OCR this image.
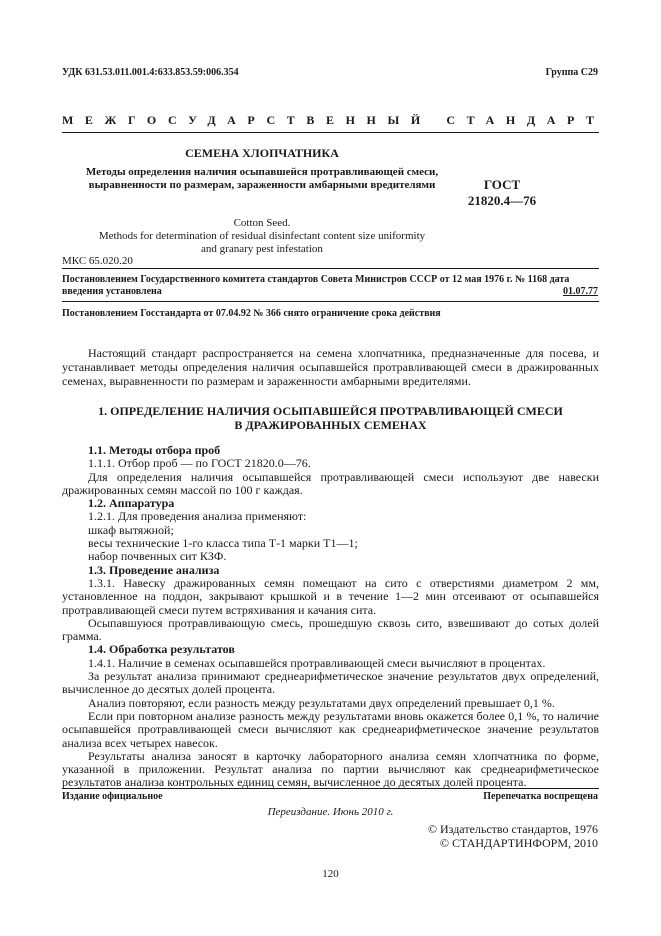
УДК 631.53.011.001.4:633.853.59:006.354	Группа С29
МЕЖГОСУДАРСТВЕННЫЙ СТАНДАРТ
СЕМЕНА ХЛОПЧАТНИКА
Методы определения наличия осыпавшейся протравливающей смеси, выравненности по размерам, зараженности амбарными вредителями
Cotton Seed.
Methods for determination of residual disinfectant content size uniformity
and granary pest infestation
МКС 65.020.20
ГОСТ
21820.4—76
Постановлением Государственного комитета стандартов Совета Министров СССР от 12 мая 1976 г. № 1168 дата
введения установлена	01.07.77
Постановлением Госстандарта от 07.04.92 № 366 снято ограничение срока действия
Настоящий стандарт распространяется на семена хлопчатника, предназначенные для посева, и устанавливает методы определения наличия осыпавшейся протравливающей смеси в дражированных семенах, выравненности по размерам и зараженности амбарными вредителями.
1. ОПРЕДЕЛЕНИЕ НАЛИЧИЯ ОСЫПАВШЕЙСЯ ПРОТРАВЛИВАЮЩЕЙ СМЕСИ
В ДРАЖИРОВАННЫХ СЕМЕНАХ
1.1. Методы отбора проб
1.1.1. Отбор проб — по ГОСТ 21820.0—76.
Для определения наличия осыпавшейся протравливающей смеси используют две навески дражированных семян массой по 100 г каждая.
1.2. Аппаратура
1.2.1. Для проведения анализа применяют:
шкаф вытяжной;
весы технические 1-го класса типа Т-1 марки Т1—1;
набор почвенных сит КЗФ.
1.3. Проведение анализа
1.3.1. Навеску дражированных семян помещают на сито с отверстиями диаметром 2 мм, установленное на поддон, закрывают крышкой и в течение 1—2 мин отсеивают от осыпавшейся протравливающей смеси путем встряхивания и качания сита.
Осыпавшуюся протравливающую смесь, прошедшую сквозь сито, взвешивают до сотых долей грамма.
1.4. Обработка результатов
1.4.1. Наличие в семенах осыпавшейся протравливающей смеси вычисляют в процентах.
За результат анализа принимают среднеарифметическое значение результатов двух определений, вычисленное до десятых долей процента.
Анализ повторяют, если разность между результатами двух определений превышает 0,1 %.
Если при повторном анализе разность между результатами вновь окажется более 0,1 %, то наличие осыпавшейся протравливающей смеси вычисляют как среднеарифметическое значение результатов анализа всех четырех навесок.
Результаты анализа заносят в карточку лабораторного анализа семян хлопчатника по форме, указанной в приложении. Результат анализа по партии вычисляют как среднеарифметическое результатов анализа контрольных единиц семян, вычисленное до десятых долей процента.
Издание официальное	Перепечатка воспрещена
Переиздание. Июнь 2010 г.
© Издательство стандартов, 1976
© СТАНДАРТИНФОРМ, 2010
120
